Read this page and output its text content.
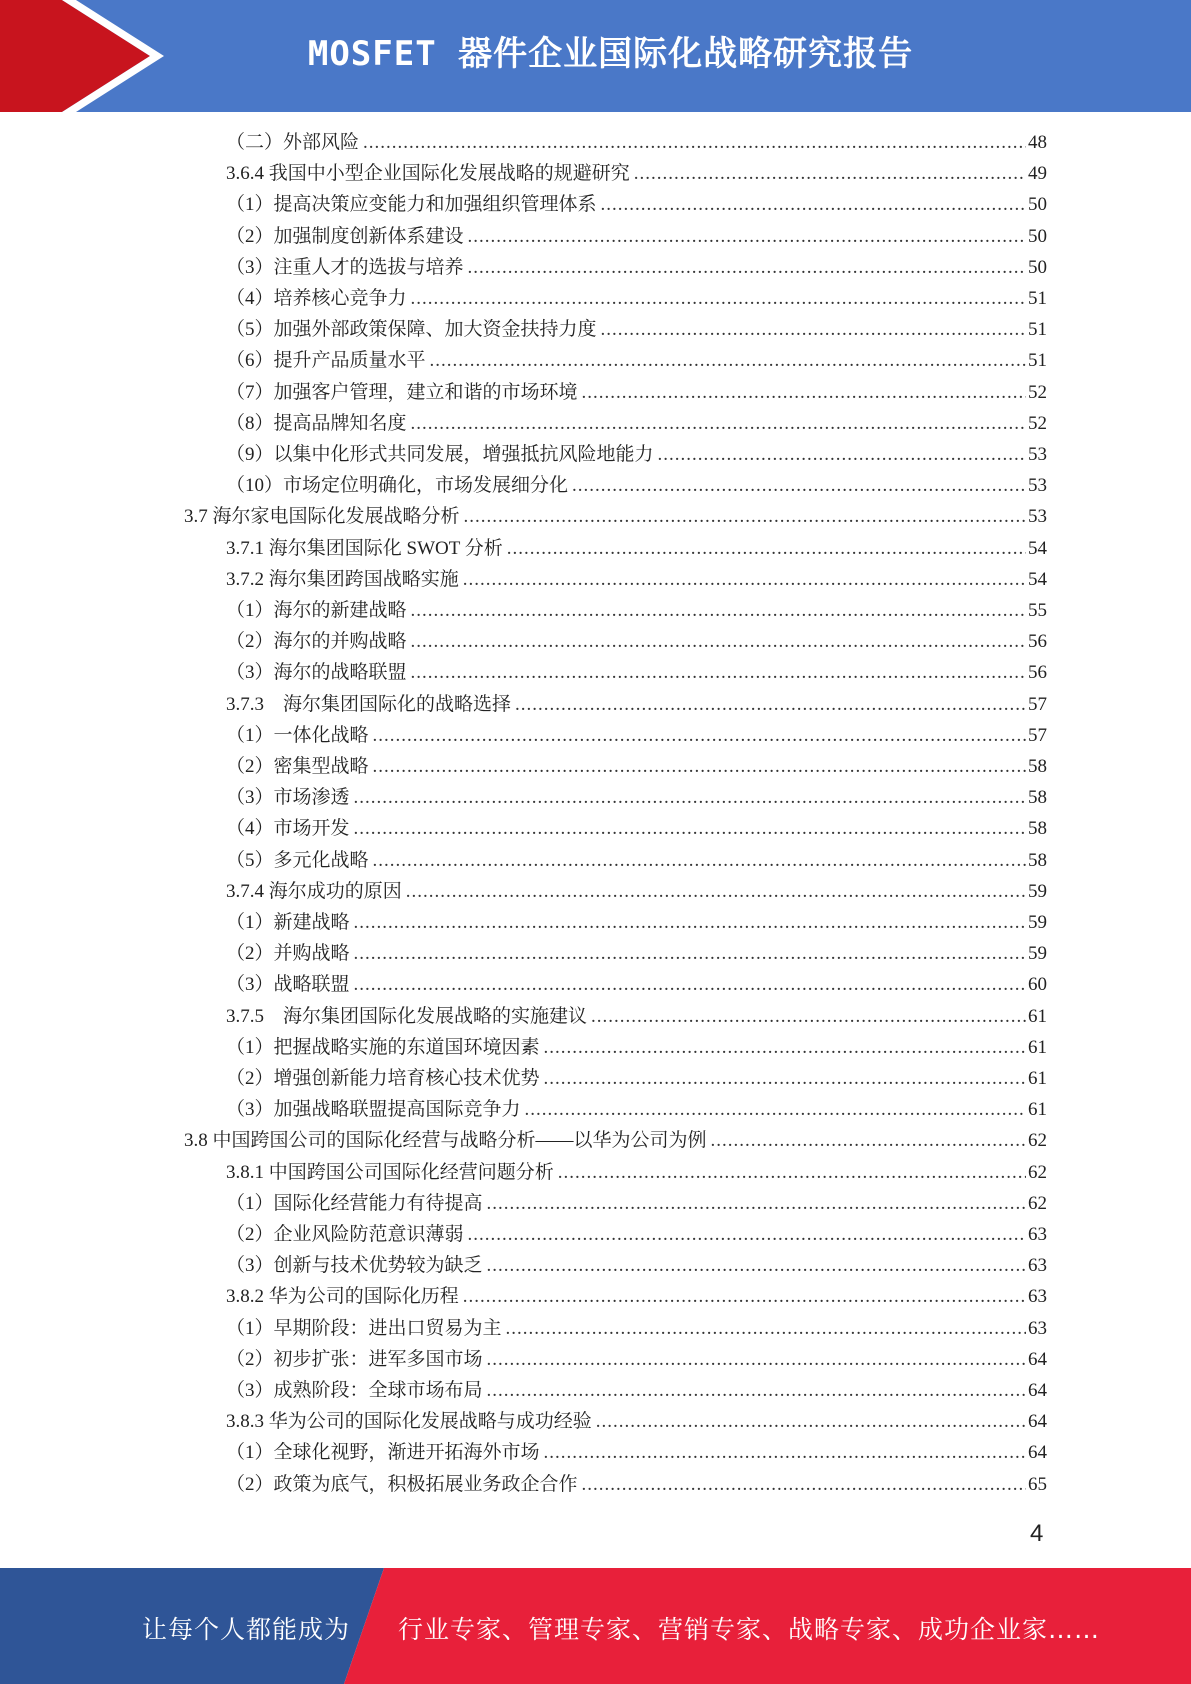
MOSFET 器件企业国际化战略研究报告
（二）外部风险 .....	48
3.6.4 我国中小型企业国际化发展战略的规避研究 .....	49
（1）提高决策应变能力和加强组织管理体系 .....	50
（2）加强制度创新体系建设 .....	50
（3）注重人才的选拔与培养 .....	50
（4）培养核心竞争力 .....	51
（5）加强外部政策保障、加大资金扶持力度 .....	51
（6）提升产品质量水平 .....	51
（7）加强客户管理，建立和谐的市场环境 .....	52
（8）提高品牌知名度 .....	52
（9）以集中化形式共同发展，增强抵抗风险地能力 .....	53
（10）市场定位明确化，市场发展细分化 .....	53
3.7 海尔家电国际化发展战略分析 .....	53
3.7.1 海尔集团国际化 SWOT 分析 .....	54
3.7.2 海尔集团跨国战略实施 .....	54
（1）海尔的新建战略 .....	55
（2）海尔的并购战略 .....	56
（3）海尔的战略联盟 .....	56
3.7.3　海尔集团国际化的战略选择 .....	57
（1）一体化战略 .....	57
（2）密集型战略 .....	58
（3）市场渗透 .....	58
（4）市场开发 .....	58
（5）多元化战略 .....	58
3.7.4 海尔成功的原因 .....	59
（1）新建战略 .....	59
（2）并购战略 .....	59
（3）战略联盟 .....	60
3.7.5　海尔集团国际化发展战略的实施建议 .....	61
（1）把握战略实施的东道国环境因素 .....	61
（2）增强创新能力培育核心技术优势 .....	61
（3）加强战略联盟提高国际竞争力 .....	61
3.8 中国跨国公司的国际化经营与战略分析——以华为公司为例 .....	62
3.8.1 中国跨国公司国际化经营问题分析 .....	62
（1）国际化经营能力有待提高 .....	62
（2）企业风险防范意识薄弱 .....	63
（3）创新与技术优势较为缺乏 .....	63
3.8.2 华为公司的国际化历程 .....	63
（1）早期阶段：进出口贸易为主 .....	63
（2）初步扩张：进军多国市场 .....	64
（3）成熟阶段：全球市场布局 .....	64
3.8.3 华为公司的国际化发展战略与成功经验 .....	64
（1）全球化视野，渐进开拓海外市场 .....	64
（2）政策为底气，积极拓展业务政企合作 .....	65
4
让每个人都能成为 行业专家、管理专家、营销专家、战略专家、成功企业家……
